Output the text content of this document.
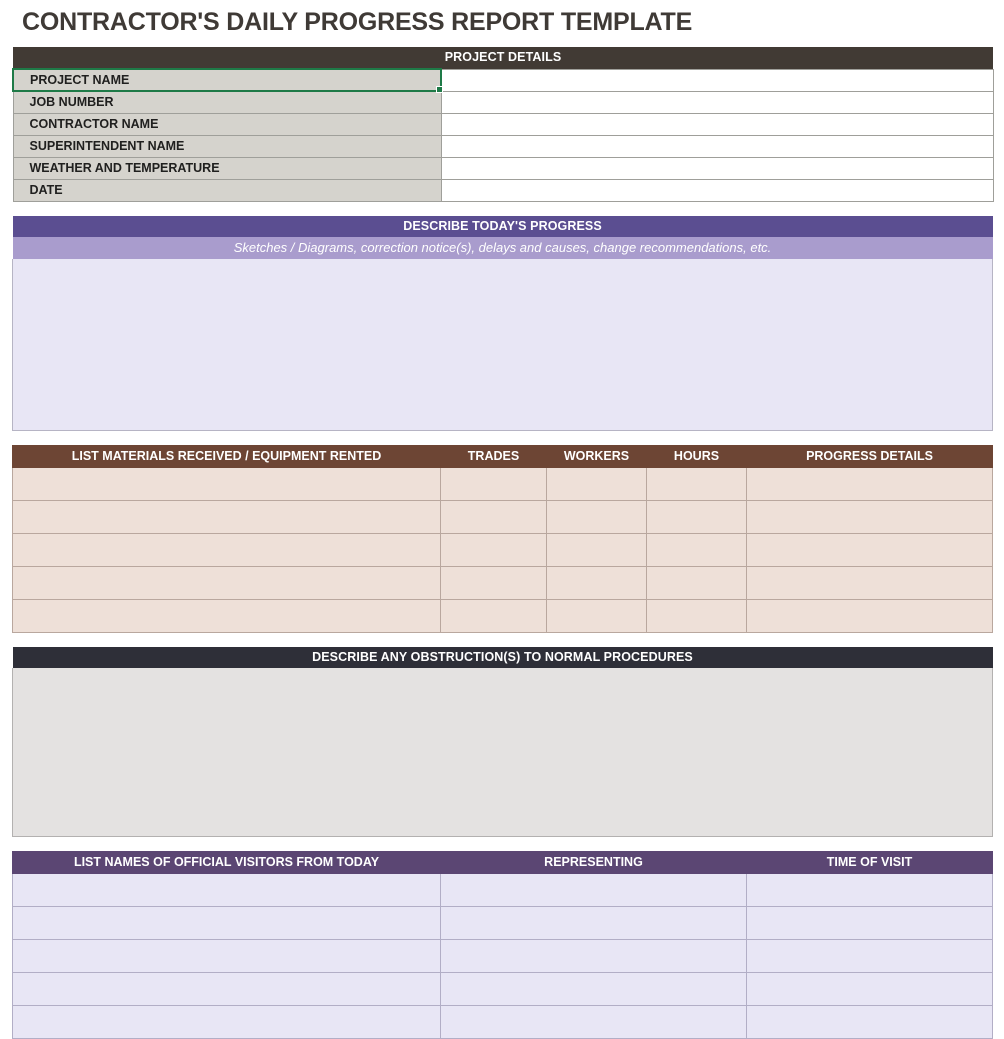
CONTRACTOR'S DAILY PROGRESS REPORT TEMPLATE
PROJECT DETAILS	
PROJECT NAME	
JOB NUMBER	
CONTRACTOR NAME	
SUPERINTENDENT NAME	
WEATHER AND TEMPERATURE	
DATE	
DESCRIBE TODAY'S PROGRESS
Sketches / Diagrams, correction notice(s), delays and causes, change recommendations, etc.

LIST MATERIALS RECEIVED / EQUIPMENT RENTED	TRADES	WORKERS	HOURS	PROGRESS DETAILS

DESCRIBE ANY OBSTRUCTION(S) TO NORMAL PROCEDURES

LIST NAMES OF OFFICIAL VISITORS FROM TODAY	REPRESENTING	TIME OF VISIT
